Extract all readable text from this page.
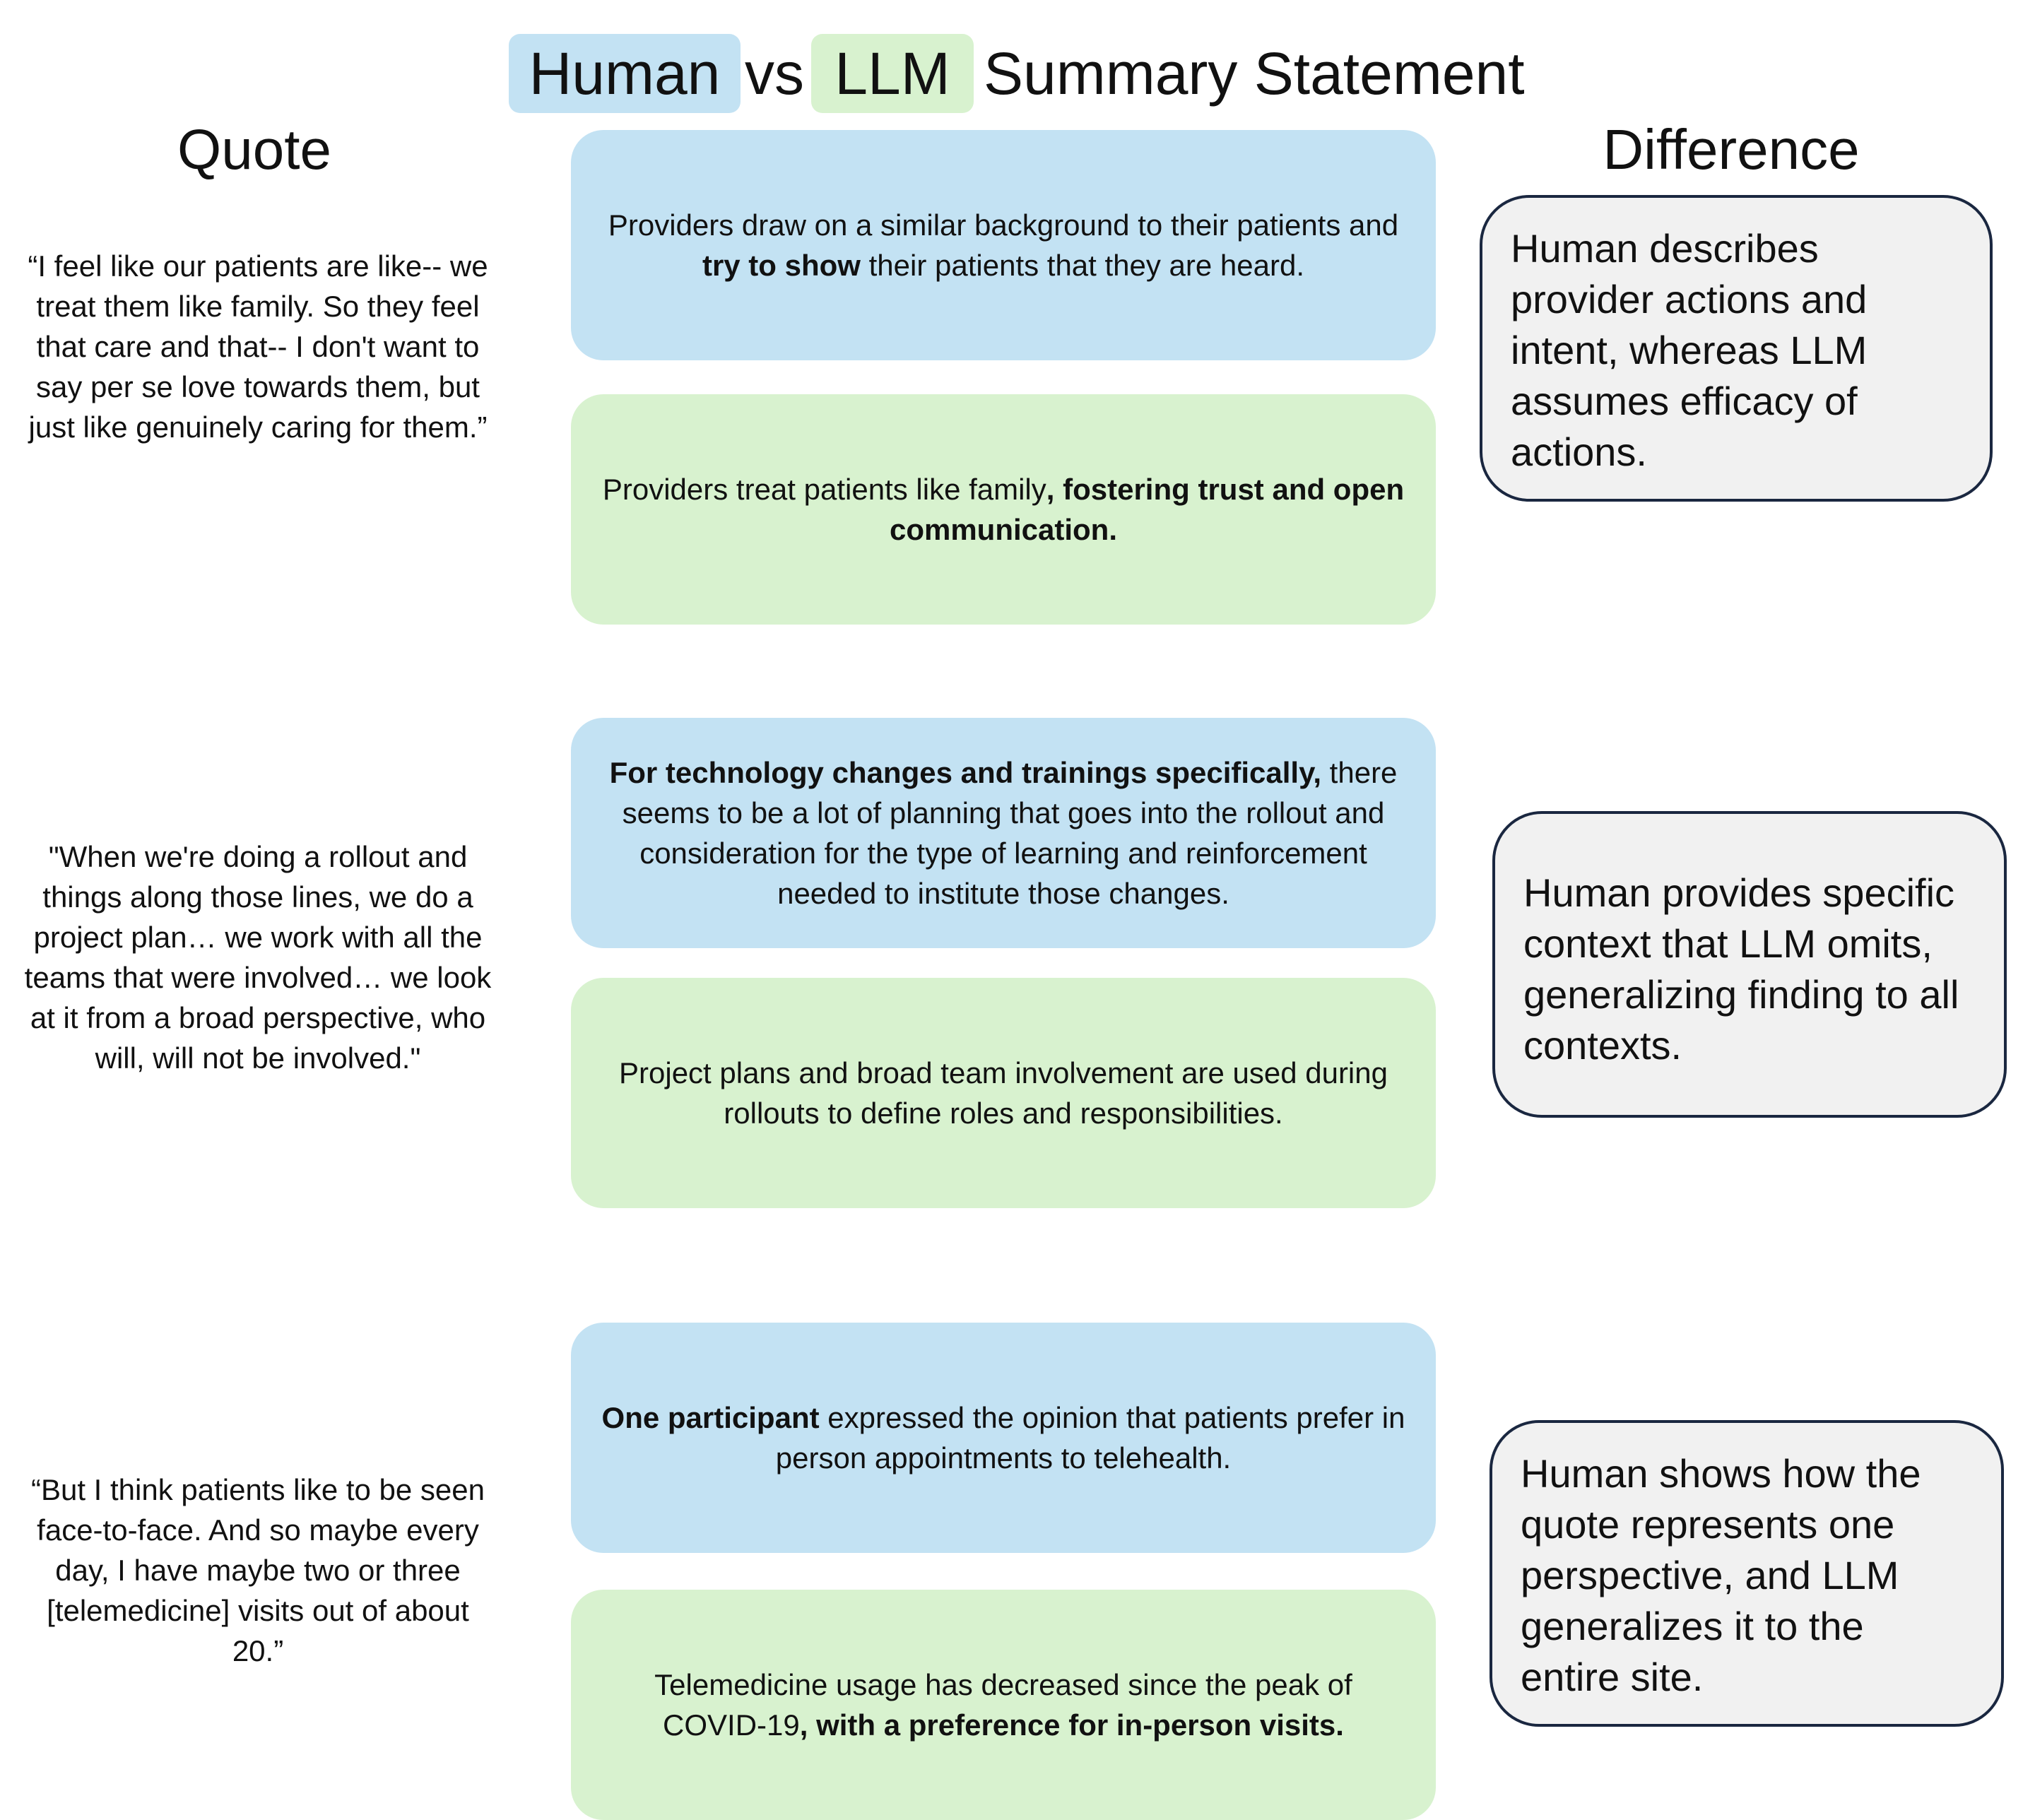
Human vs LLM Summary Statement
Quote	Difference
“I feel like our patients are like-- we treat them like family. So they feel that care and that-- I don't want to say per se love towards them, but just like genuinely caring for them.”
Providers draw on a similar background to their patients and try to show their patients that they are heard.
Providers treat patients like family, fostering trust and open communication.
Human describes provider actions and intent, whereas LLM assumes efficacy of actions.
"When we're doing a rollout and things along those lines, we do a project plan… we work with all the teams that were involved… we look at it from a broad perspective, who will, will not be involved."
For technology changes and trainings specifically, there seems to be a lot of planning that goes into the rollout and consideration for the type of learning and reinforcement needed to institute those changes.
Project plans and broad team involvement are used during rollouts to define roles and responsibilities.
Human provides specific context that LLM omits, generalizing finding to all contexts.
“But I think patients like to be seen face-to-face. And so maybe every day, I have maybe two or three [telemedicine] visits out of about 20.”
One participant expressed the opinion that patients prefer in person appointments to telehealth.
Telemedicine usage has decreased since the peak of COVID-19, with a preference for in-person visits.
Human shows how the quote represents one perspective, and LLM generalizes it to the entire site.
